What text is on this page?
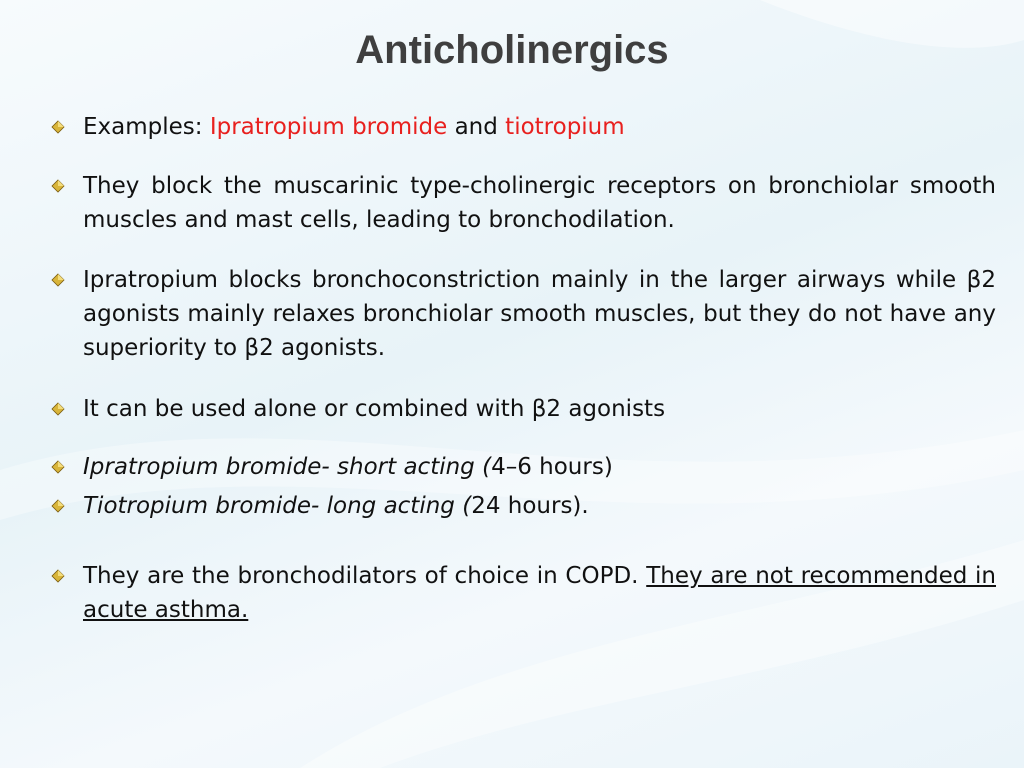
Anticholinergics
Examples: Ipratropium bromide and tiotropium
They block the muscarinic type-cholinergic receptors on bronchiolar smooth muscles and mast cells, leading to bronchodilation.
Ipratropium blocks bronchoconstriction mainly in the larger airways while β2 agonists mainly relaxes bronchiolar smooth muscles, but they do not have any superiority to β2 agonists.
It can be used alone or combined with β2 agonists
Ipratropium bromide- short acting (4–6 hours)
Tiotropium bromide- long acting (24 hours).
They are the bronchodilators of choice in COPD. They are not recommended in acute asthma.
